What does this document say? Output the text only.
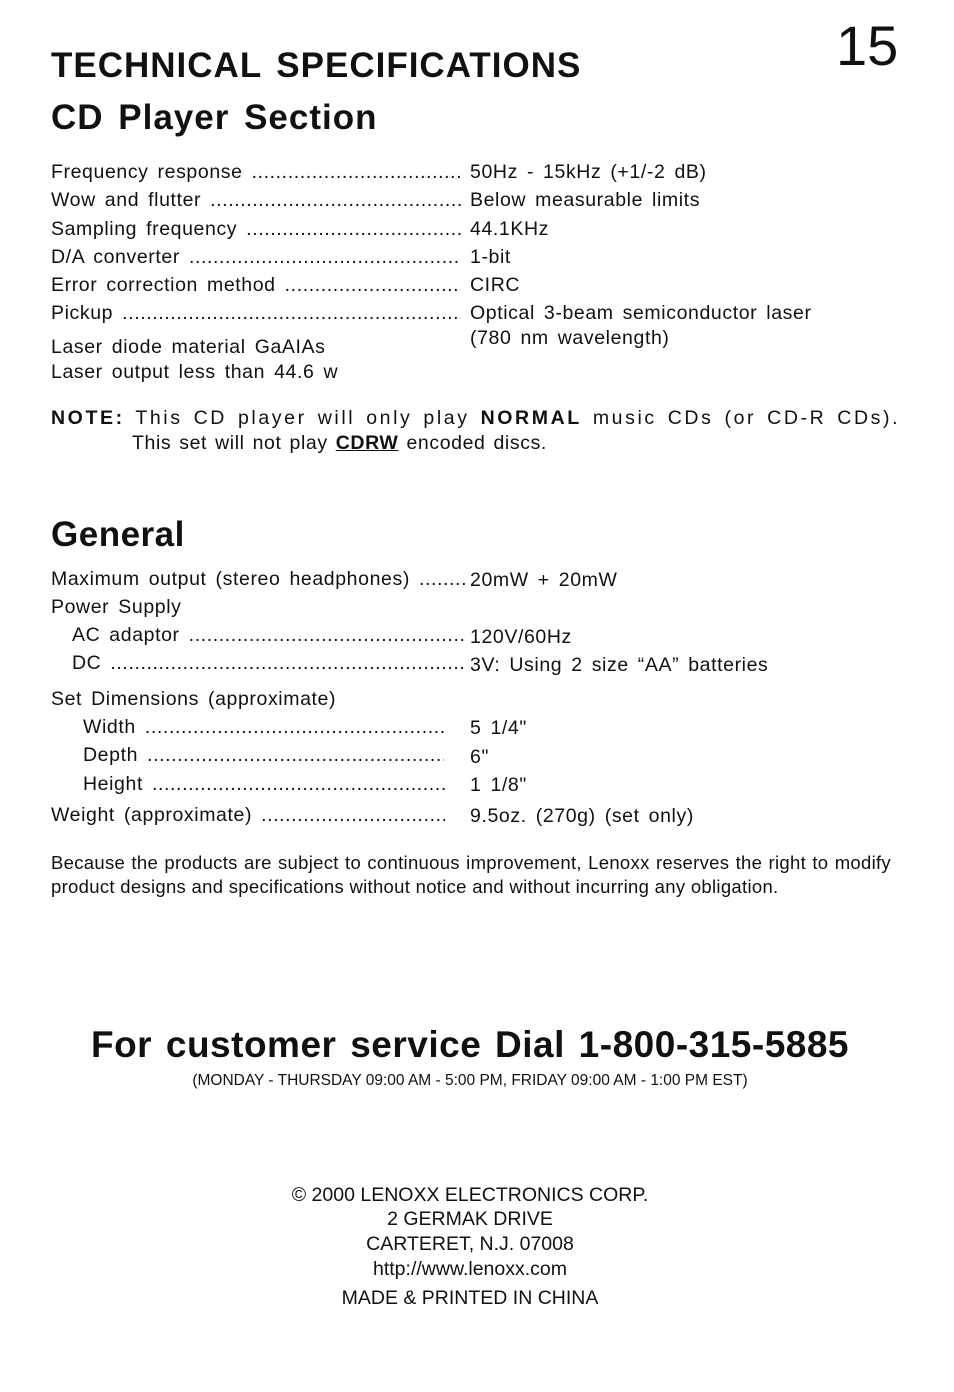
15
TECHNICAL SPECIFICATIONS
CD Player Section
Frequency response .....	50Hz - 15kHz (+1/-2 dB)
Wow and flutter .....	Below measurable limits
Sampling frequency .....	44.1KHz
D/A converter .....	1-bit
Error correction method .....	CIRC
Pickup .....	Optical 3-beam semiconductor laser
(780 nm wavelength)
Laser diode material GaAIAs
Laser output less than 44.6 w
NOTE: This CD player will only play NORMAL music CDs (or CD-R CDs).
This set will not play CDRW encoded discs.
General
Maximum output (stereo headphones) .....	20mW + 20mW
Power Supply
AC adaptor .....	120V/60Hz
DC .....	3V: Using 2 size “AA” batteries
Set Dimensions (approximate)
Width .....	5 1/4"
Depth .....	6"
Height .....	1 1/8"
Weight (approximate) .....	9.5oz. (270g) (set only)
Because the products are subject to continuous improvement, Lenoxx reserves the right to modify product designs and specifications without notice and without incurring any obligation.
For customer service Dial 1-800-315-5885
(MONDAY - THURSDAY 09:00 AM - 5:00 PM, FRIDAY 09:00 AM - 1:00 PM EST)
© 2000 LENOXX ELECTRONICS CORP.
2 GERMAK DRIVE
CARTERET, N.J. 07008
http://www.lenoxx.com
MADE & PRINTED IN CHINA
